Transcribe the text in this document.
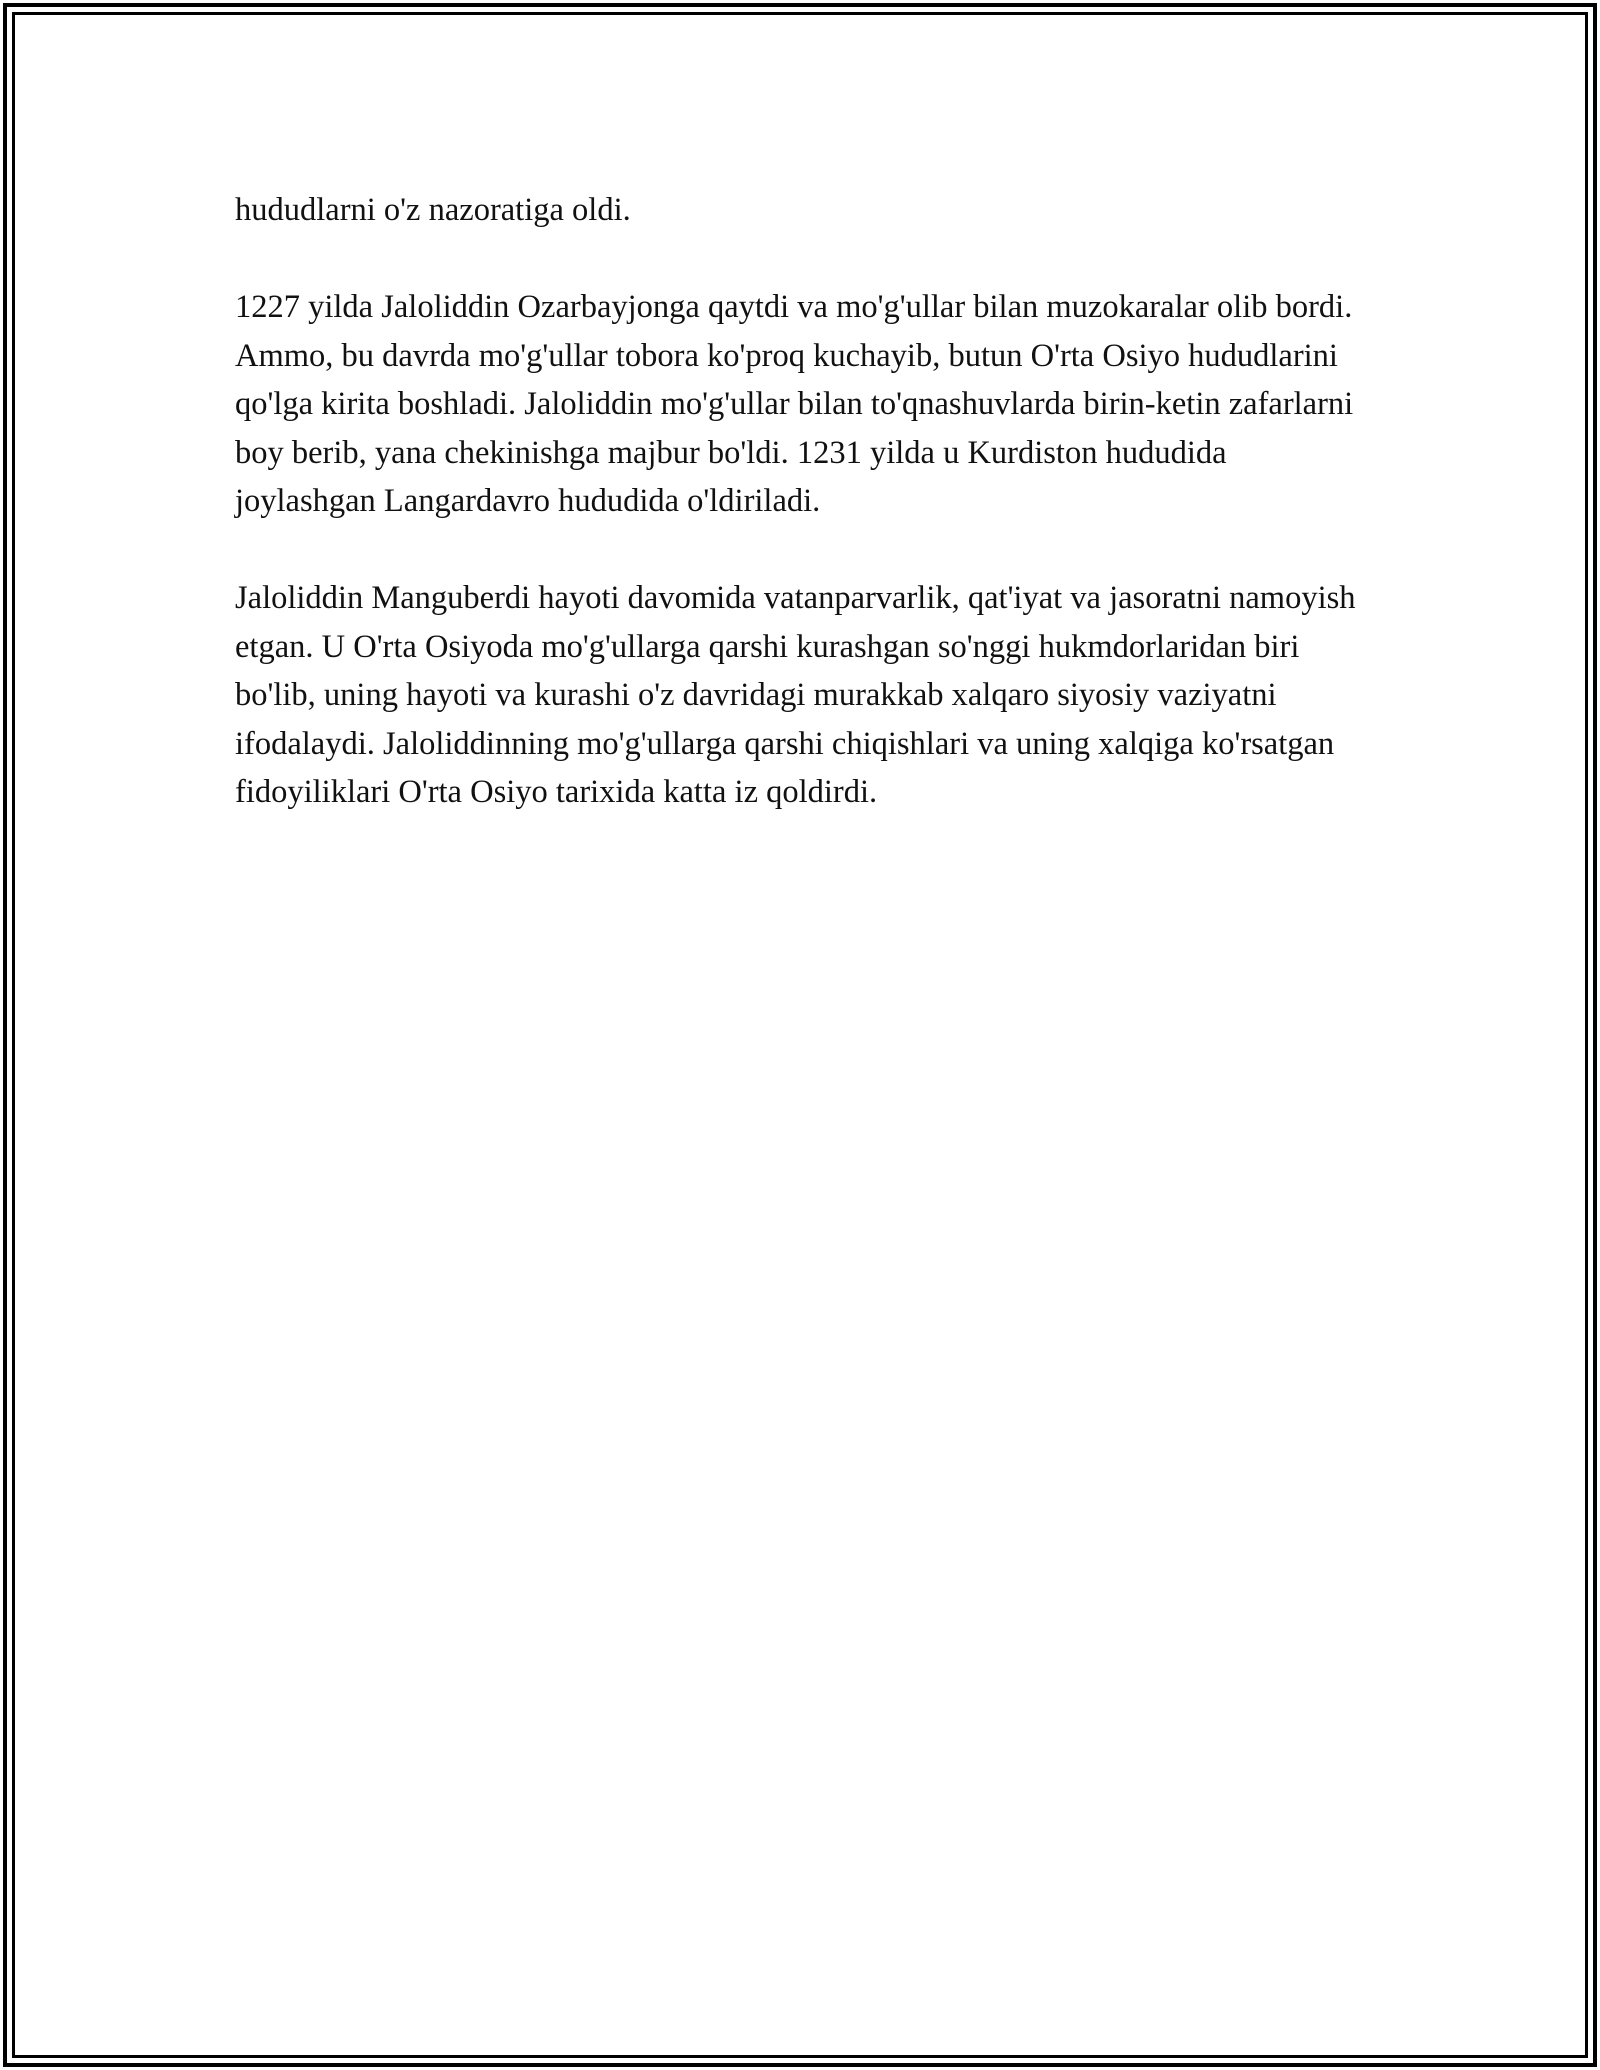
hududlarni o'z nazoratiga oldi.

1227 yilda Jaloliddin Ozarbayjonga qaytdi va mo'g'ullar bilan muzokaralar olib bordi. Ammo, bu davrda mo'g'ullar tobora ko'proq kuchayib, butun O'rta Osiyo hududlarini qo'lga kirita boshladi. Jaloliddin mo'g'ullar bilan to'qnashuvlarda birin-ketin zafarlarni boy berib, yana chekinishga majbur bo'ldi. 1231 yilda u Kurdiston hududida joylashgan Langardavro hududida o'ldiriladi.

Jaloliddin Manguberdi hayoti davomida vatanparvarlik, qat'iyat va jasoratni namoyish etgan. U O'rta Osiyoda mo'g'ullarga qarshi kurashgan so'nggi hukmdorlaridan biri bo'lib, uning hayoti va kurashi o'z davridagi murakkab xalqaro siyosiy vaziyatni ifodalaydi. Jaloliddinning mo'g'ullarga qarshi chiqishlari va uning xalqiga ko'rsatgan fidoyiliklari O'rta Osiyo tarixida katta iz qoldirdi.
